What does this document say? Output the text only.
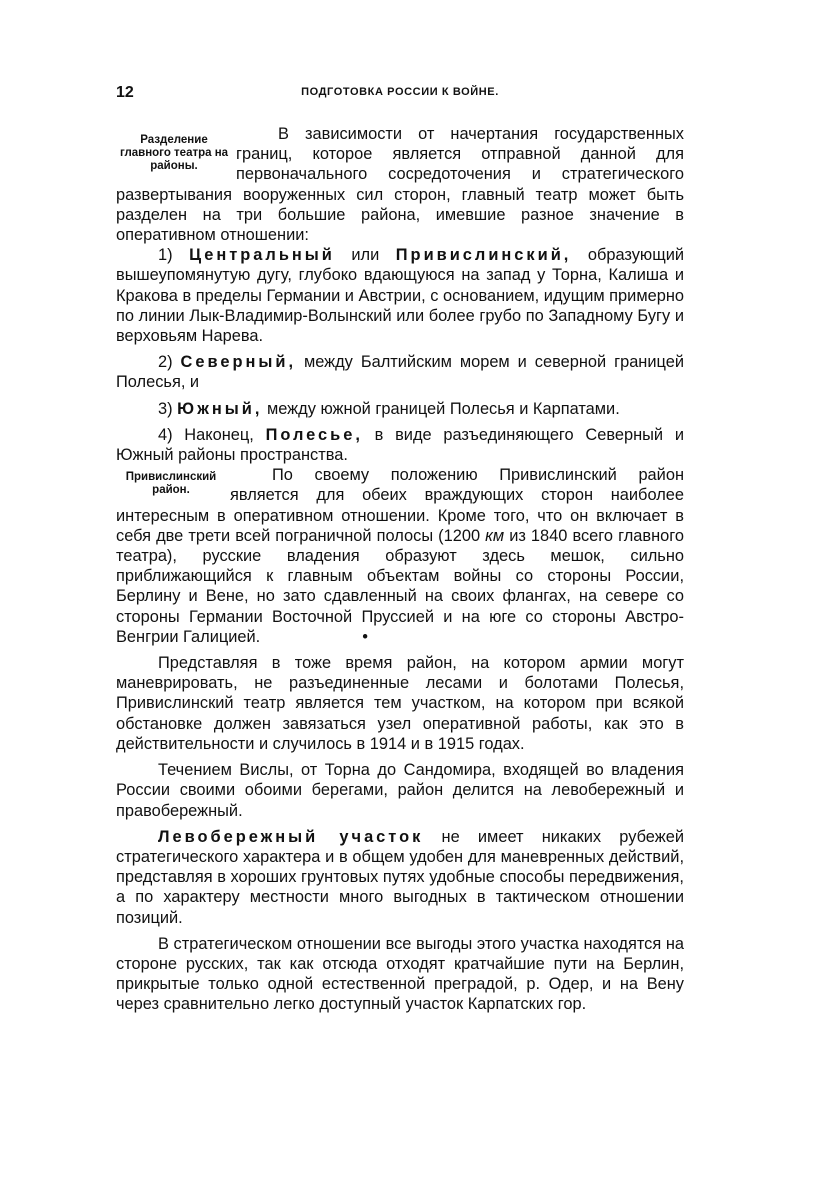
12	ПОДГОТОВКА РОССИИ К ВОЙНЕ.
Разделение главного театра на районы.

В зависимости от начертания государственных границ, которое является отправной данной для первоначального сосредоточения и стратегического развертывания вооруженных сил сторон, главный театр может быть разделен на три большие района, имевшие разное значение в оперативном отношении:

1) Центральный или Привислинский, образующий вышеупомянутую дугу, глубоко вдающуюся на запад у Торна, Калиша и Кракова в пределы Германии и Австрии, с основанием, идущим примерно по линии Лык-Владимир-Волынский или более грубо по Западному Бугу и верховьям Нарева.

2) Северный, между Балтийским морем и северной границей Полесья, и

3) Южный, между южной границей Полесья и Карпатами.

4) Наконец, Полесье, в виде разъединяющего Северный и Южный районы пространства.

Привислинский район.

По своему положению Привислинский район является для обеих враждующих сторон наиболее интересным в оперативном отношении. Кроме того, что он включает в себя две трети всей пограничной полосы (1200 км из 1840 всего главного театра), русские владения образуют здесь мешок, сильно приближающийся к главным объектам войны со стороны России, Берлину и Вене, но зато сдавленный на своих флангах, на севере со стороны Германии Восточной Пруссией и на юге со стороны Австро-Венгрии Галицией.	•

Представляя в тоже время район, на котором армии могут маневрировать, не разъединенные лесами и болотами Полесья, Привислинский театр является тем участком, на котором при всякой обстановке должен завязаться узел оперативной работы, как это в действительности и случилось в 1914 и в 1915 годах.

Течением Вислы, от Торна до Сандомира, входящей во владения России своими обоими берегами, район делится на левобережный и правобережный.

Левобережный участок не имеет никаких рубежей стратегического характера и в общем удобен для маневренных действий, представляя в хороших грунтовых путях удобные способы передвижения, а по характеру местности много выгодных в тактическом отношении позиций.

В стратегическом отношении все выгоды этого участка находятся на стороне русских, так как отсюда отходят кратчайшие пути на Берлин, прикрытые только одной естественной преградой, р. Одер, и на Вену через сравнительно легко доступный участок Карпатских гор.
